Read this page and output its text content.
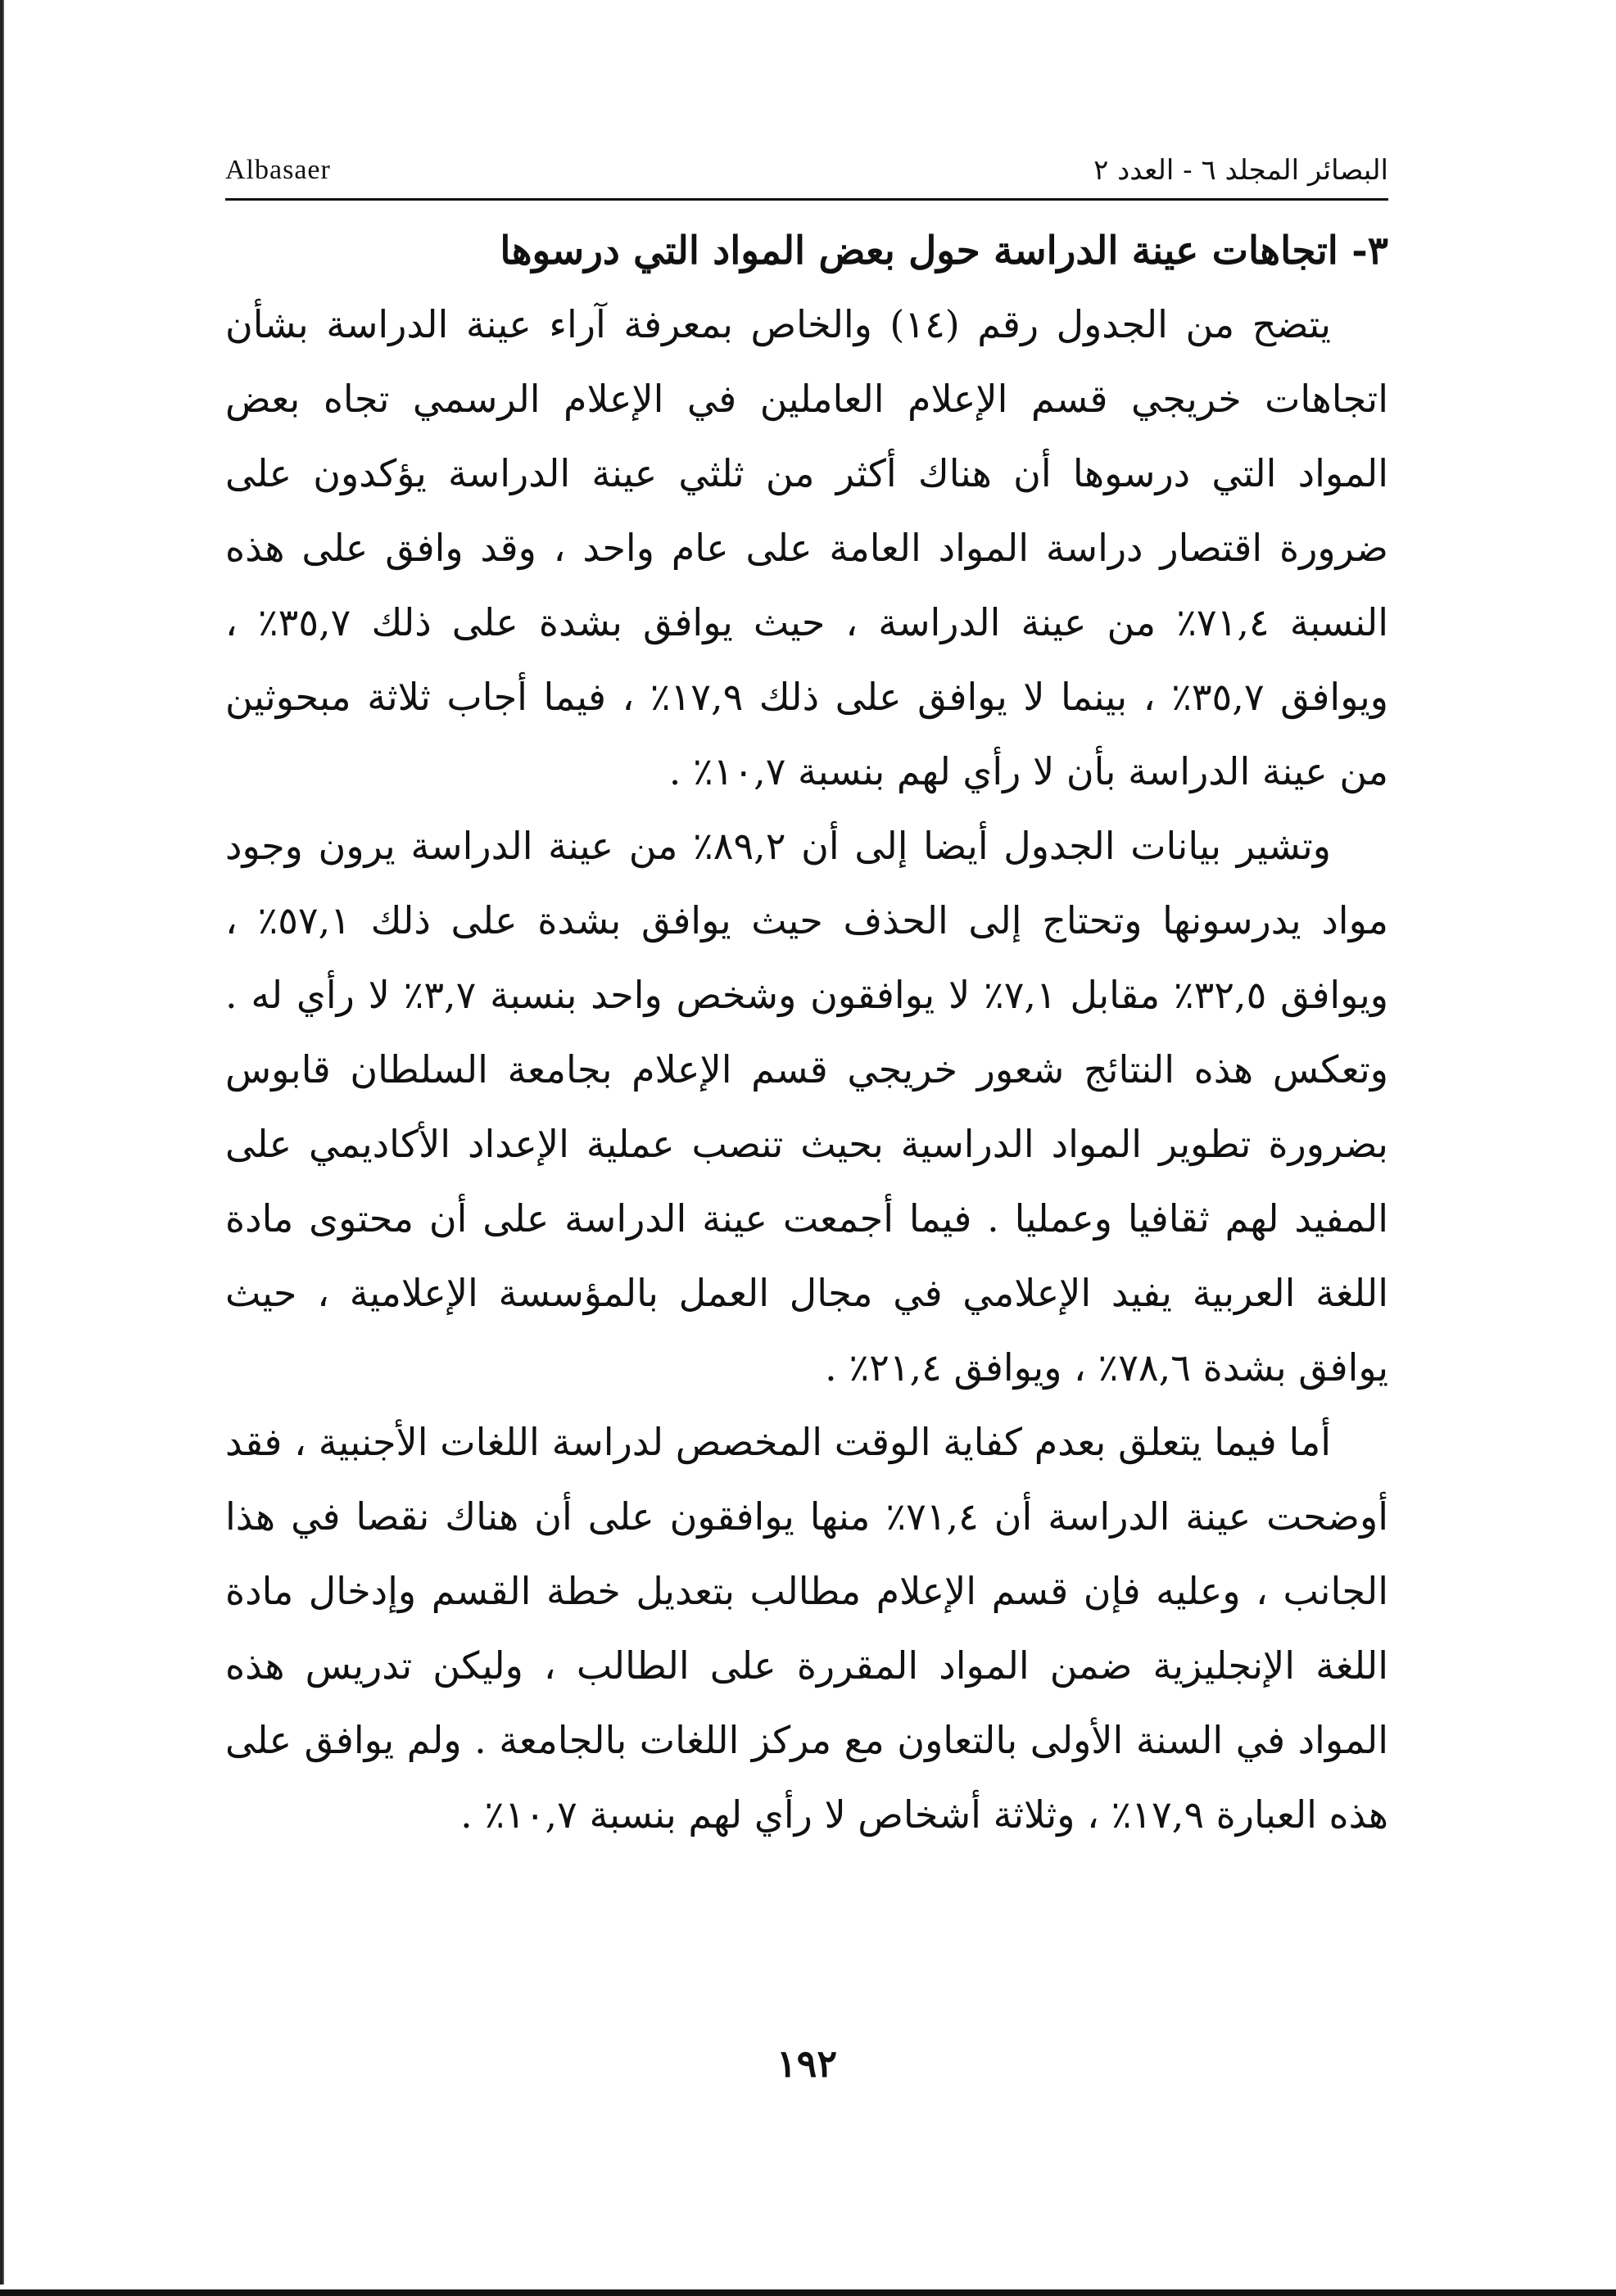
البصائر المجلد ٦ - العدد ٢
Albasaer
٣- اتجاهات عينة الدراسة حول بعض المواد التي درسوها

يتضح من الجدول رقم (١٤) والخاص بمعرفة آراء عينة الدراسة بشأن اتجاهات خريجي قسم الإعلام العاملين في الإعلام الرسمي تجاه بعض المواد التي درسوها أن هناك أكثر من ثلثي عينة الدراسة يؤكدون على ضرورة اقتصار دراسة المواد العامة على عام واحد ، وقد وافق على هذه النسبة ٧١,٤٪ من عينة الدراسة ، حيث يوافق بشدة على ذلك ٣٥,٧٪ ، ويوافق ٣٥,٧٪ ، بينما لا يوافق على ذلك ١٧,٩٪ ، فيما أجاب ثلاثة مبحوثين من عينة الدراسة بأن لا رأي لهم بنسبة ١٠,٧٪ .

وتشير بيانات الجدول أيضا إلى أن ٨٩,٢٪ من عينة الدراسة يرون وجود مواد يدرسونها وتحتاج إلى الحذف حيث يوافق بشدة على ذلك ٥٧,١٪ ، ويوافق ٣٢,٥٪ مقابل ٧,١٪ لا يوافقون وشخص واحد بنسبة ٣,٧٪ لا رأي له . وتعكس هذه النتائج شعور خريجي قسم الإعلام بجامعة السلطان قابوس بضرورة تطوير المواد الدراسية بحيث تنصب عملية الإعداد الأكاديمي على المفيد لهم ثقافيا وعمليا . فيما أجمعت عينة الدراسة على أن محتوى مادة اللغة العربية يفيد الإعلامي في مجال العمل بالمؤسسة الإعلامية ، حيث يوافق بشدة ٧٨,٦٪ ، ويوافق ٢١,٤٪ .

أما فيما يتعلق بعدم كفاية الوقت المخصص لدراسة اللغات الأجنبية ، فقد أوضحت عينة الدراسة أن ٧١,٤٪ منها يوافقون على أن هناك نقصا في هذا الجانب ، وعليه فإن قسم الإعلام مطالب بتعديل خطة القسم وإدخال مادة اللغة الإنجليزية ضمن المواد المقررة على الطالب ، وليكن تدريس هذه المواد في السنة الأولى بالتعاون مع مركز اللغات بالجامعة . ولم يوافق على هذه العبارة ١٧,٩٪ ، وثلاثة أشخاص لا رأي لهم بنسبة ١٠,٧٪ .

١٩٢
